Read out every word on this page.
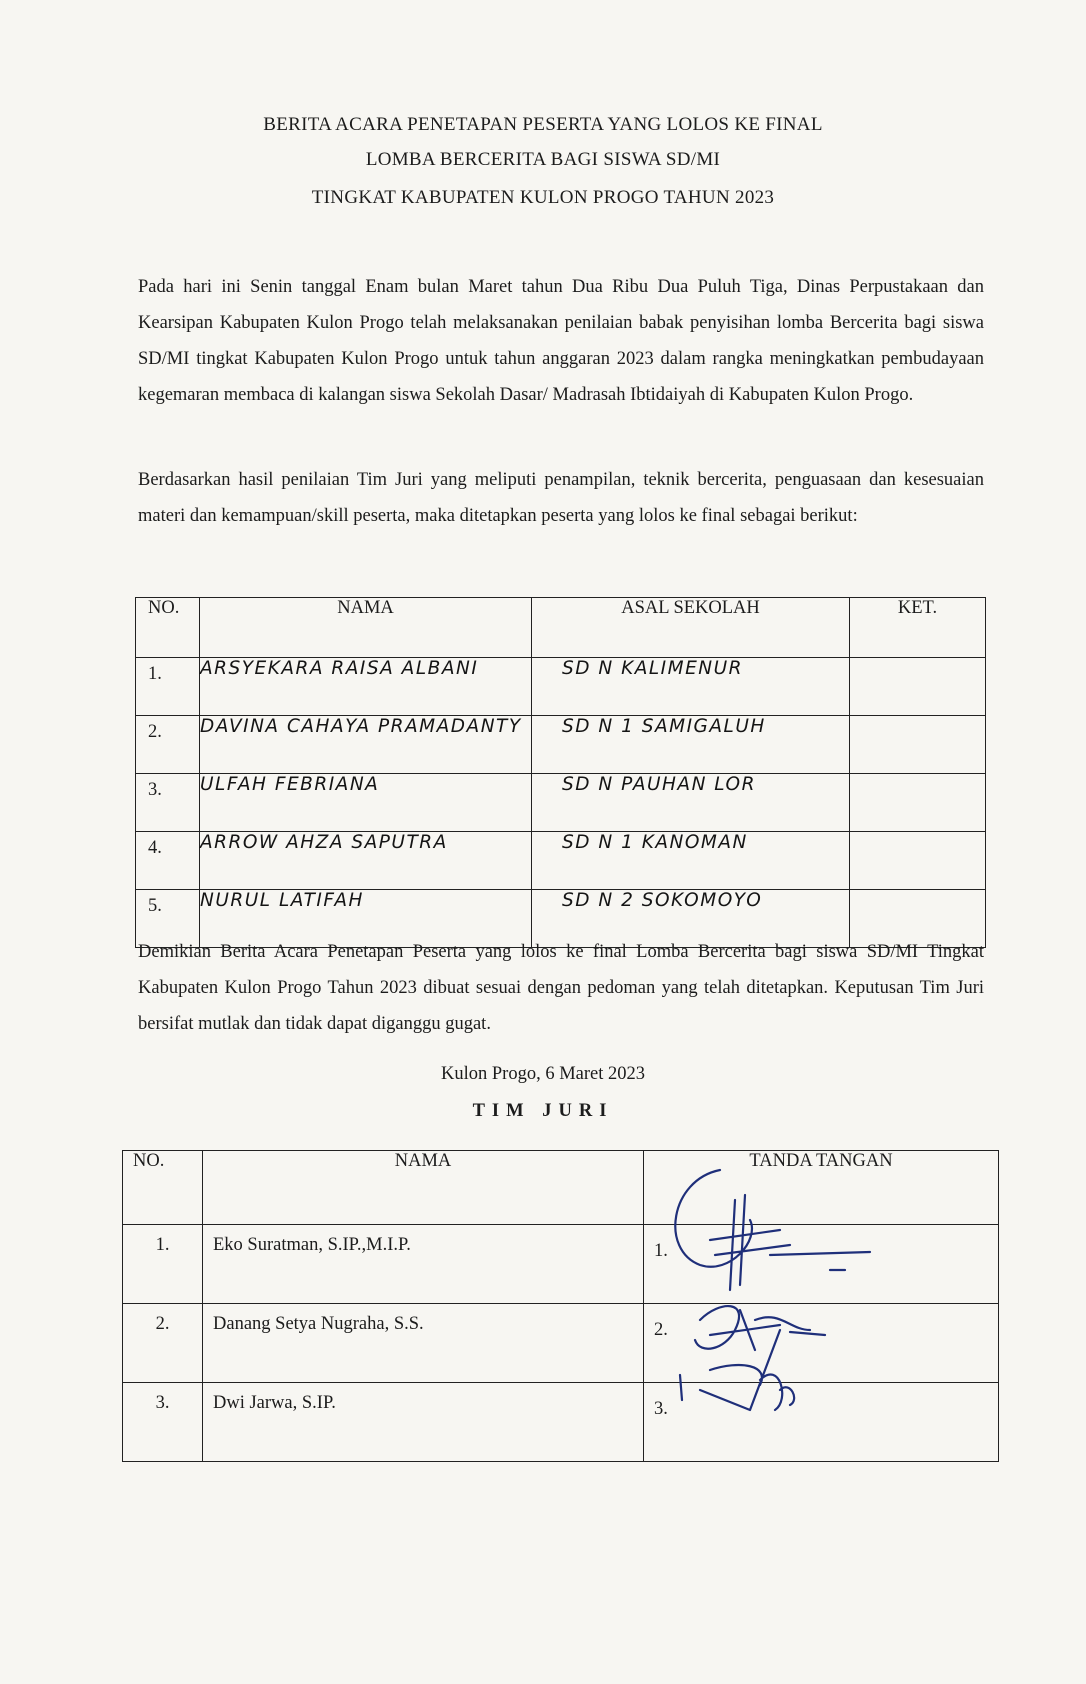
BERITA ACARA PENETAPAN PESERTA YANG LOLOS KE FINAL
LOMBA BERCERITA BAGI SISWA SD/MI
TINGKAT KABUPATEN KULON PROGO TAHUN 2023

Pada hari ini Senin tanggal Enam bulan Maret tahun Dua Ribu Dua Puluh Tiga, Dinas Perpustakaan dan Kearsipan Kabupaten Kulon Progo telah melaksanakan penilaian babak penyisihan lomba Bercerita bagi siswa SD/MI tingkat Kabupaten Kulon Progo untuk tahun anggaran 2023 dalam rangka meningkatkan pembudayaan kegemaran membaca di kalangan siswa Sekolah Dasar/ Madrasah Ibtidaiyah di Kabupaten Kulon Progo.

Berdasarkan hasil penilaian Tim Juri yang meliputi penampilan, teknik bercerita, penguasaan dan kesesuaian materi dan kemampuan/skill peserta, maka ditetapkan peserta yang lolos ke final sebagai berikut:

NO.	NAMA	ASAL SEKOLAH	KET.
1.	ARSYEKARA RAISA ALBANI	SD N KALIMENUR	
2.	DAVINA CAHAYA PRAMADANTY	SD N 1 SAMIGALUH	
3.	ULFAH FEBRIANA	SD N PAUHAN LOR	
4.	ARROW AHZA SAPUTRA	SD N 1 KANOMAN	
5.	NURUL LATIFAH	SD N 2 SOKOMOYO	

Demikian Berita Acara Penetapan Peserta yang lolos ke final Lomba Bercerita bagi siswa SD/MI Tingkat Kabupaten Kulon Progo Tahun 2023 dibuat sesuai dengan pedoman yang telah ditetapkan. Keputusan Tim Juri bersifat mutlak dan tidak dapat diganggu gugat.

Kulon Progo, 6 Maret 2023
TIM JURI
NO.	NAMA	TANDA TANGAN
1.	Eko Suratman, S.IP.,M.I.P.	1.
2.	Danang Setya Nugraha, S.S.	2.
3.	Dwi Jarwa, S.IP.	3.
